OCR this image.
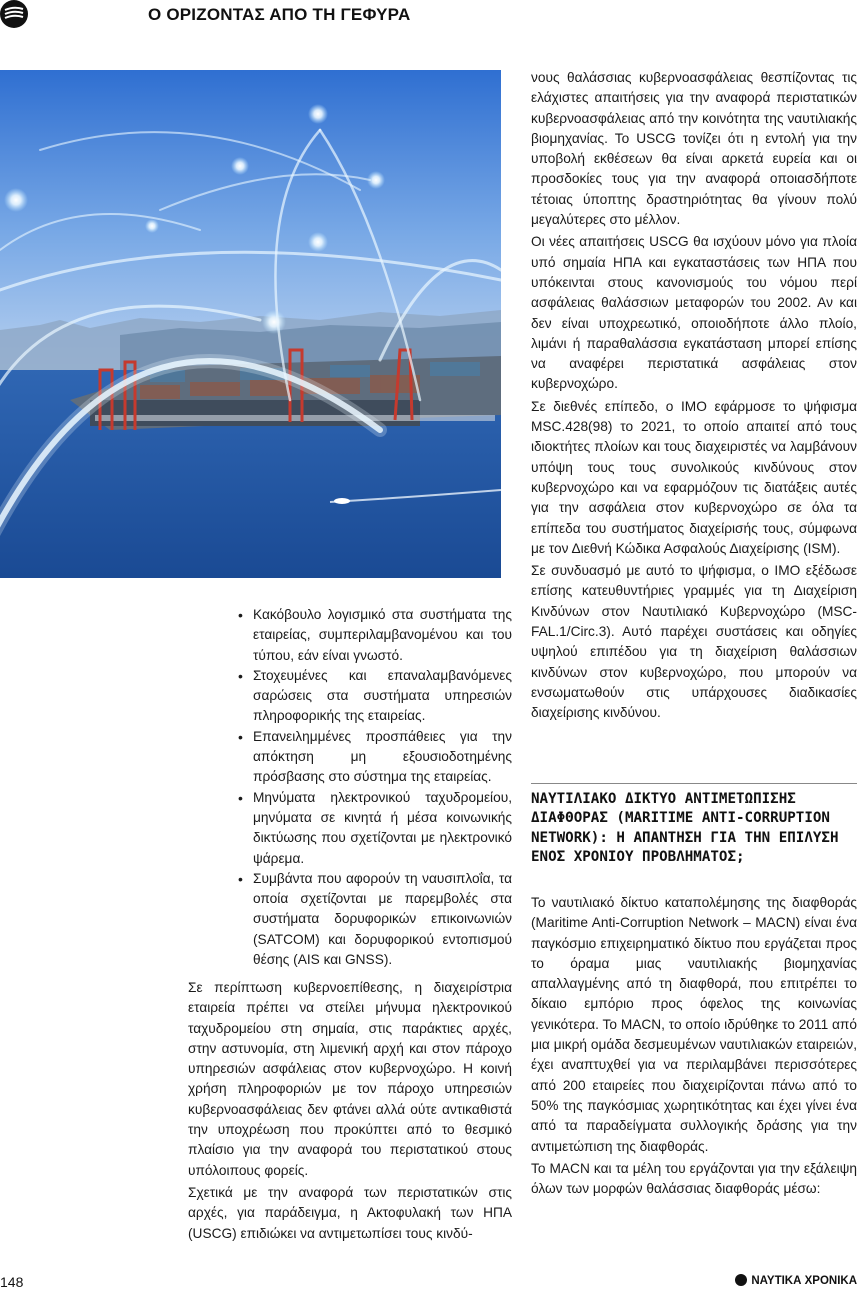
Ο ΟΡΙΖΟΝΤΑΣ ΑΠΟ ΤΗ ΓΕΦΥΡΑ
• Κακόβουλο λογισμικό στα συστήματα της εταιρείας, συμπεριλαμβανομένου και του τύπου, εάν είναι γνωστό.
• Στοχευμένες και επαναλαμβανόμενες σαρώσεις στα συστήματα υπηρεσιών πληροφορικής της εταιρείας.
• Επανειλημμένες προσπάθειες για την απόκτηση μη εξουσιοδοτημένης πρόσβασης στο σύστημα της εταιρείας.
• Μηνύματα ηλεκτρονικού ταχυδρομείου, μηνύματα σε κινητά ή μέσα κοινωνικής δικτύωσης που σχετίζονται με ηλεκτρονικό ψάρεμα.
• Συμβάντα που αφορούν τη ναυσιπλοΐα, τα οποία σχετίζονται με παρεμβολές στα συστήματα δορυφορικών επικοινωνιών (SATCOM) και δορυφορικού εντοπισμού θέσης (AIS και GNSS).

Σε περίπτωση κυβερνοεπίθεσης, η διαχειρίστρια εταιρεία πρέπει να στείλει μήνυμα ηλεκτρονικού ταχυδρομείου στη σημαία, στις παράκτιες αρχές, στην αστυνομία, στη λιμενική αρχή και στον πάροχο υπηρεσιών ασφάλειας στον κυβερνοχώρο. Η κοινή χρήση πληροφοριών με τον πάροχο υπηρεσιών κυβερνοασφάλειας δεν φτάνει αλλά ούτε αντικαθιστά την υποχρέωση που προκύπτει από το θεσμικό πλαίσιο για την αναφορά του περιστατικού στους υπόλοιπους φορείς.

Σχετικά με την αναφορά των περιστατικών στις αρχές, για παράδειγμα, η Ακτοφυλακή των ΗΠΑ (USCG) επιδιώκει να αντιμετωπίσει τους κινδύ-

νους θαλάσσιας κυβερνοασφάλειας θεσπίζοντας τις ελάχιστες απαιτήσεις για την αναφορά περιστατικών κυβερνοασφάλειας από την κοινότητα της ναυτιλιακής βιομηχανίας. Το USCG τονίζει ότι η εντολή για την υποβολή εκθέσεων θα είναι αρκετά ευρεία και οι προσδοκίες τους για την αναφορά οποιασδήποτε τέτοιας ύποπτης δραστηριότητας θα γίνουν πολύ μεγαλύτερες στο μέλλον.

Οι νέες απαιτήσεις USCG θα ισχύουν μόνο για πλοία υπό σημαία ΗΠΑ και εγκαταστάσεις των ΗΠΑ που υπόκεινται στους κανονισμούς του νόμου περί ασφάλειας θαλάσσιων μεταφορών του 2002. Αν και δεν είναι υποχρεωτικό, οποιοδήποτε άλλο πλοίο, λιμάνι ή παραθαλάσσια εγκατάσταση μπορεί επίσης να αναφέρει περιστατικά ασφάλειας στον κυβερνοχώρο.

Σε διεθνές επίπεδο, ο IMO εφάρμοσε το ψήφισμα MSC.428(98) το 2021, το οποίο απαιτεί από τους ιδιοκτήτες πλοίων και τους διαχειριστές να λαμβάνουν υπόψη τους τους συνολικούς κινδύνους στον κυβερνοχώρο και να εφαρμόζουν τις διατάξεις αυτές για την ασφάλεια στον κυβερνοχώρο σε όλα τα επίπεδα του συστήματος διαχείρισής τους, σύμφωνα με τον Διεθνή Κώδικα Ασφαλούς Διαχείρισης (ISM).

Σε συνδυασμό με αυτό το ψήφισμα, ο IMO εξέδωσε επίσης κατευθυντήριες γραμμές για τη Διαχείριση Κινδύνων στον Ναυτιλιακό Κυβερνοχώρο (MSC-FAL.1/Circ.3). Αυτό παρέχει συστάσεις και οδηγίες υψηλού επιπέδου για τη διαχείριση θαλάσσιων κινδύνων στον κυβερνοχώρο, που μπορούν να ενσωματωθούν στις υπάρχουσες διαδικασίες διαχείρισης κινδύνου.

ΝΑΥΤΙΛΙΑΚΟ ΔΙΚΤΥΟ ΑΝΤΙΜΕΤΩΠΙΣΗΣ ΔΙΑΦΘΟΡΑΣ (MARITIME ANTI-CORRUPTION NETWORK): Η ΑΠΑΝΤΗΣΗ ΓΙΑ ΤΗΝ ΕΠΙΛΥΣΗ ΕΝΟΣ ΧΡΟΝΙΟΥ ΠΡΟΒΛΗΜΑΤΟΣ;

Το ναυτιλιακό δίκτυο καταπολέμησης της διαφθοράς (Maritime Anti-Corruption Network – MACN) είναι ένα παγκόσμιο επιχειρηματικό δίκτυο που εργάζεται προς το όραμα μιας ναυτιλιακής βιομηχανίας απαλλαγμένης από τη διαφθορά, που επιτρέπει το δίκαιο εμπόριο προς όφελος της κοινωνίας γενικότερα. Το MACN, το οποίο ιδρύθηκε το 2011 από μια μικρή ομάδα δεσμευμένων ναυτιλιακών εταιρειών, έχει αναπτυχθεί για να περιλαμβάνει περισσότερες από 200 εταιρείες που διαχειρίζονται πάνω από το 50% της παγκόσμιας χωρητικότητας και έχει γίνει ένα από τα παραδείγματα συλλογικής δράσης για την αντιμετώπιση της διαφθοράς.

Το MACN και τα μέλη του εργάζονται για την εξάλειψη όλων των μορφών θαλάσσιας διαφθοράς μέσω:

148	ΝΑΥΤΙΚΑ ΧΡΟΝΙΚΑ
